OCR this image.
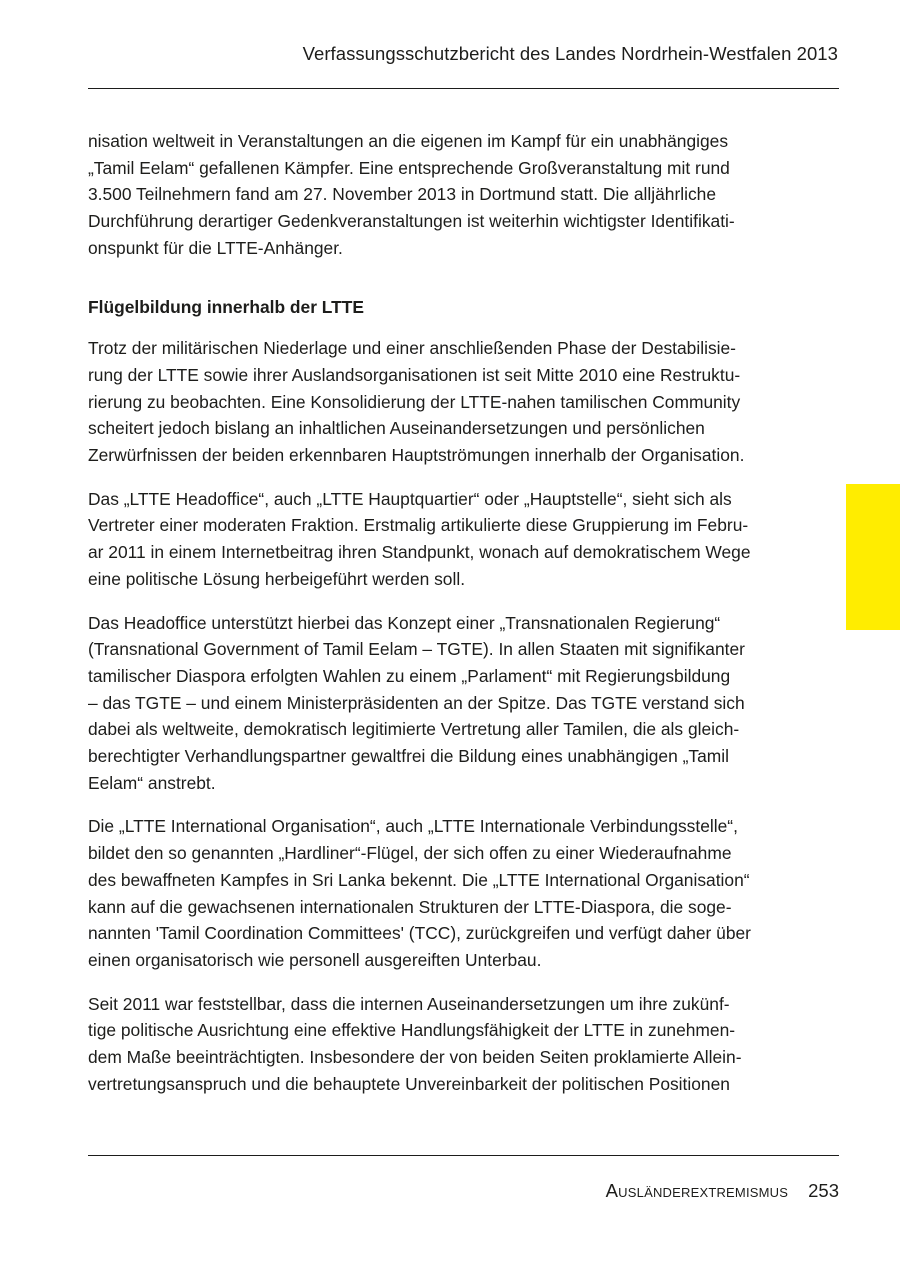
Verfassungsschutzbericht des Landes Nordrhein-Westfalen 2013

nisation weltweit in Veranstaltungen an die eigenen im Kampf für ein unabhängiges
„Tamil Eelam“ gefallenen Kämpfer. Eine entsprechende Großveranstaltung mit rund
3.500 Teilnehmern fand am 27. November 2013 in Dortmund statt. Die alljährliche
Durchführung derartiger Gedenkveranstaltungen ist weiterhin wichtigster Identifikati-
onspunkt für die LTTE-Anhänger.

Flügelbildung innerhalb der LTTE

Trotz der militärischen Niederlage und einer anschließenden Phase der Destabilisie-
rung der LTTE sowie ihrer Auslandsorganisationen ist seit Mitte 2010 eine Restruktu-
rierung zu beobachten. Eine Konsolidierung der LTTE-nahen tamilischen Community
scheitert jedoch bislang an inhaltlichen Auseinandersetzungen und persönlichen
Zerwürfnissen der beiden erkennbaren Hauptströmungen innerhalb der Organisation.

Das „LTTE Headoffice“, auch „LTTE Hauptquartier“ oder „Hauptstelle“, sieht sich als
Vertreter einer moderaten Fraktion. Erstmalig artikulierte diese Gruppierung im Febru-
ar 2011 in einem Internetbeitrag ihren Standpunkt, wonach auf demokratischem Wege
eine politische Lösung herbeigeführt werden soll.

Das Headoffice unterstützt hierbei das Konzept einer „Transnationalen Regierung“
(Transnational Government of Tamil Eelam – TGTE). In allen Staaten mit signifikanter
tamilischer Diaspora erfolgten Wahlen zu einem „Parlament“ mit Regierungsbildung
– das TGTE – und einem Ministerpräsidenten an der Spitze. Das TGTE verstand sich
dabei als weltweite, demokratisch legitimierte Vertretung aller Tamilen, die als gleich-
berechtigter Verhandlungspartner gewaltfrei die Bildung eines unabhängigen „Tamil
Eelam“ anstrebt.

Die „LTTE International Organisation“, auch „LTTE Internationale Verbindungsstelle“,
bildet den so genannten „Hardliner“-Flügel, der sich offen zu einer Wiederaufnahme
des bewaffneten Kampfes in Sri Lanka bekennt. Die „LTTE International Organisation“
kann auf die gewachsenen internationalen Strukturen der LTTE-Diaspora, die soge-
nannten 'Tamil Coordination Committees' (TCC), zurückgreifen und verfügt daher über
einen organisatorisch wie personell ausgereiften Unterbau.

Seit 2011 war feststellbar, dass die internen Auseinandersetzungen um ihre zukünf-
tige politische Ausrichtung eine effektive Handlungsfähigkeit der LTTE in zunehmen-
dem Maße beeinträchtigten. Insbesondere der von beiden Seiten proklamierte Allein-
vertretungsanspruch und die behauptete Unvereinbarkeit der politischen Positionen

Ausländerextremismus 253
